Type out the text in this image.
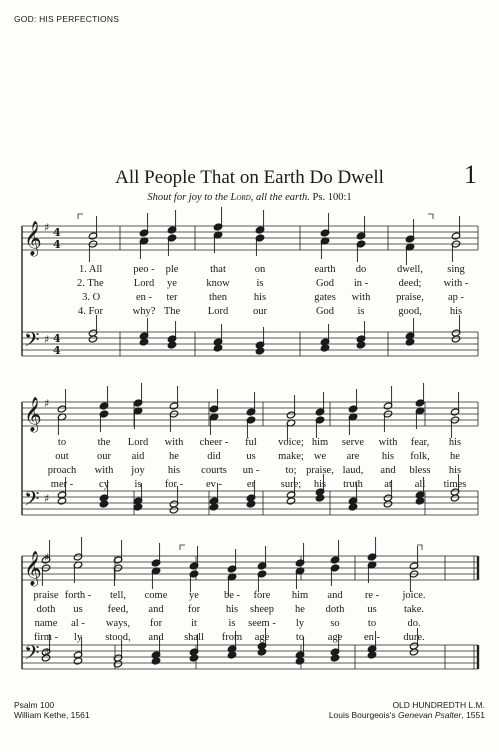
GOD: HIS PERFECTIONS
All People That on Earth Do Dwell	1
Shout for joy to the Lord, all the earth. Ps. 100:1
𝄞
𝄢
♯
♯
4
4
4
4
𝄞
𝄢
♯
♯
𝄞
𝄢
♯
♯
1. All	peo - ple	that	on	earth do	dwell, sing
2. The	Lord ye	know	is	God in -	deed; with -
3. O	en - ter	then	his	gates with praise, ap -
4. For	why? The	Lord our	God is	good,	his
to	the Lord with cheer - ful voice; him serve with fear, his
out	our aid he	did us make; we are his folk, he
proach with joy his courts un - to; praise, laud, and bless his
mer - cy is for - ev - er sure; his truth at all times
praise forth - tell, come ye be - fore him and re - joice.
doth us feed, and for his sheep he doth us	take.
name al - ways, for	it	is seem - ly so	to	do.
firm - ly stood, and shall from age	to age en - dure.
Psalm 100
William Kethe, 1561
OLD HUNDREDTH L.M.
Louis Bourgeois's Genevan Psalter, 1551
